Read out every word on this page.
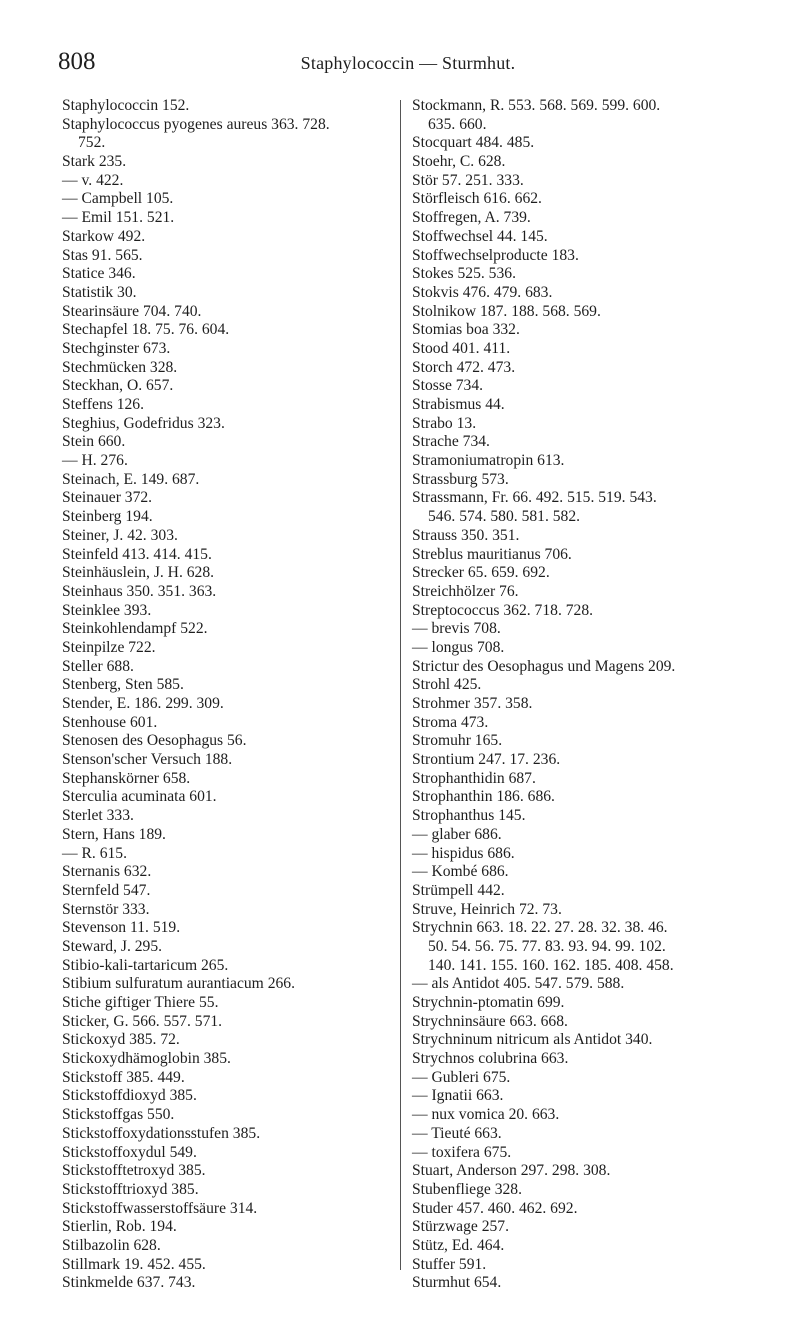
808	Staphylococcin — Sturmhut.
Staphylococcin 152.
Staphylococcus pyogenes aureus 363. 728.
752.
Stark 235.
— v. 422.
— Campbell 105.
— Emil 151. 521.
Starkow 492.
Stas 91. 565.
Statice 346.
Statistik 30.
Stearinsäure 704. 740.
Stechapfel 18. 75. 76. 604.
Stechginster 673.
Stechmücken 328.
Steckhan, O. 657.
Steffens 126.
Steghius, Godefridus 323.
Stein 660.
— H. 276.
Steinach, E. 149. 687.
Steinauer 372.
Steinberg 194.
Steiner, J. 42. 303.
Steinfeld 413. 414. 415.
Steinhäuslein, J. H. 628.
Steinhaus 350. 351. 363.
Steinklee 393.
Steinkohlendampf 522.
Steinpilze 722.
Steller 688.
Stenberg, Sten 585.
Stender, E. 186. 299. 309.
Stenhouse 601.
Stenosen des Oesophagus 56.
Stenson'scher Versuch 188.
Stephanskörner 658.
Sterculia acuminata 601.
Sterlet 333.
Stern, Hans 189.
— R. 615.
Sternanis 632.
Sternfeld 547.
Sternstör 333.
Stevenson 11. 519.
Steward, J. 295.
Stibio-kali-tartaricum 265.
Stibium sulfuratum aurantiacum 266.
Stiche giftiger Thiere 55.
Sticker, G. 566. 557. 571.
Stickoxyd 385. 72.
Stickoxydhämoglobin 385.
Stickstoff 385. 449.
Stickstoffdioxyd 385.
Stickstoffgas 550.
Stickstoffoxydationsstufen 385.
Stickstoffoxydul 549.
Stickstofftetroxyd 385.
Stickstofftrioxyd 385.
Stickstoffwasserstoffsäure 314.
Stierlin, Rob. 194.
Stilbazolin 628.
Stillmark 19. 452. 455.
Stinkmelde 637. 743.
Stockmann, R. 553. 568. 569. 599. 600.
635. 660.
Stocquart 484. 485.
Stoehr, C. 628.
Stör 57. 251. 333.
Störfleisch 616. 662.
Stoffregen, A. 739.
Stoffwechsel 44. 145.
Stoffwechselproducte 183.
Stokes 525. 536.
Stokvis 476. 479. 683.
Stolnikow 187. 188. 568. 569.
Stomias boa 332.
Stood 401. 411.
Storch 472. 473.
Stosse 734.
Strabismus 44.
Strabo 13.
Strache 734.
Stramoniumatropin 613.
Strassburg 573.
Strassmann, Fr. 66. 492. 515. 519. 543.
546. 574. 580. 581. 582.
Strauss 350. 351.
Streblus mauritianus 706.
Strecker 65. 659. 692.
Streichhölzer 76.
Streptococcus 362. 718. 728.
— brevis 708.
— longus 708.
Strictur des Oesophagus und Magens 209.
Strohl 425.
Strohmer 357. 358.
Stroma 473.
Stromuhr 165.
Strontium 247. 17. 236.
Strophanthidin 687.
Strophanthin 186. 686.
Strophanthus 145.
— glaber 686.
— hispidus 686.
— Kombé 686.
Strümpell 442.
Struve, Heinrich 72. 73.
Strychnin 663. 18. 22. 27. 28. 32. 38. 46.
50. 54. 56. 75. 77. 83. 93. 94. 99. 102.
140. 141. 155. 160. 162. 185. 408. 458.
— als Antidot 405. 547. 579. 588.
Strychnin-ptomatin 699.
Strychninsäure 663. 668.
Strychninum nitricum als Antidot 340.
Strychnos colubrina 663.
— Gubleri 675.
— Ignatii 663.
— nux vomica 20. 663.
— Tieuté 663.
— toxifera 675.
Stuart, Anderson 297. 298. 308.
Stubenfliege 328.
Studer 457. 460. 462. 692.
Stürzwage 257.
Stütz, Ed. 464.
Stuffer 591.
Sturmhut 654.
